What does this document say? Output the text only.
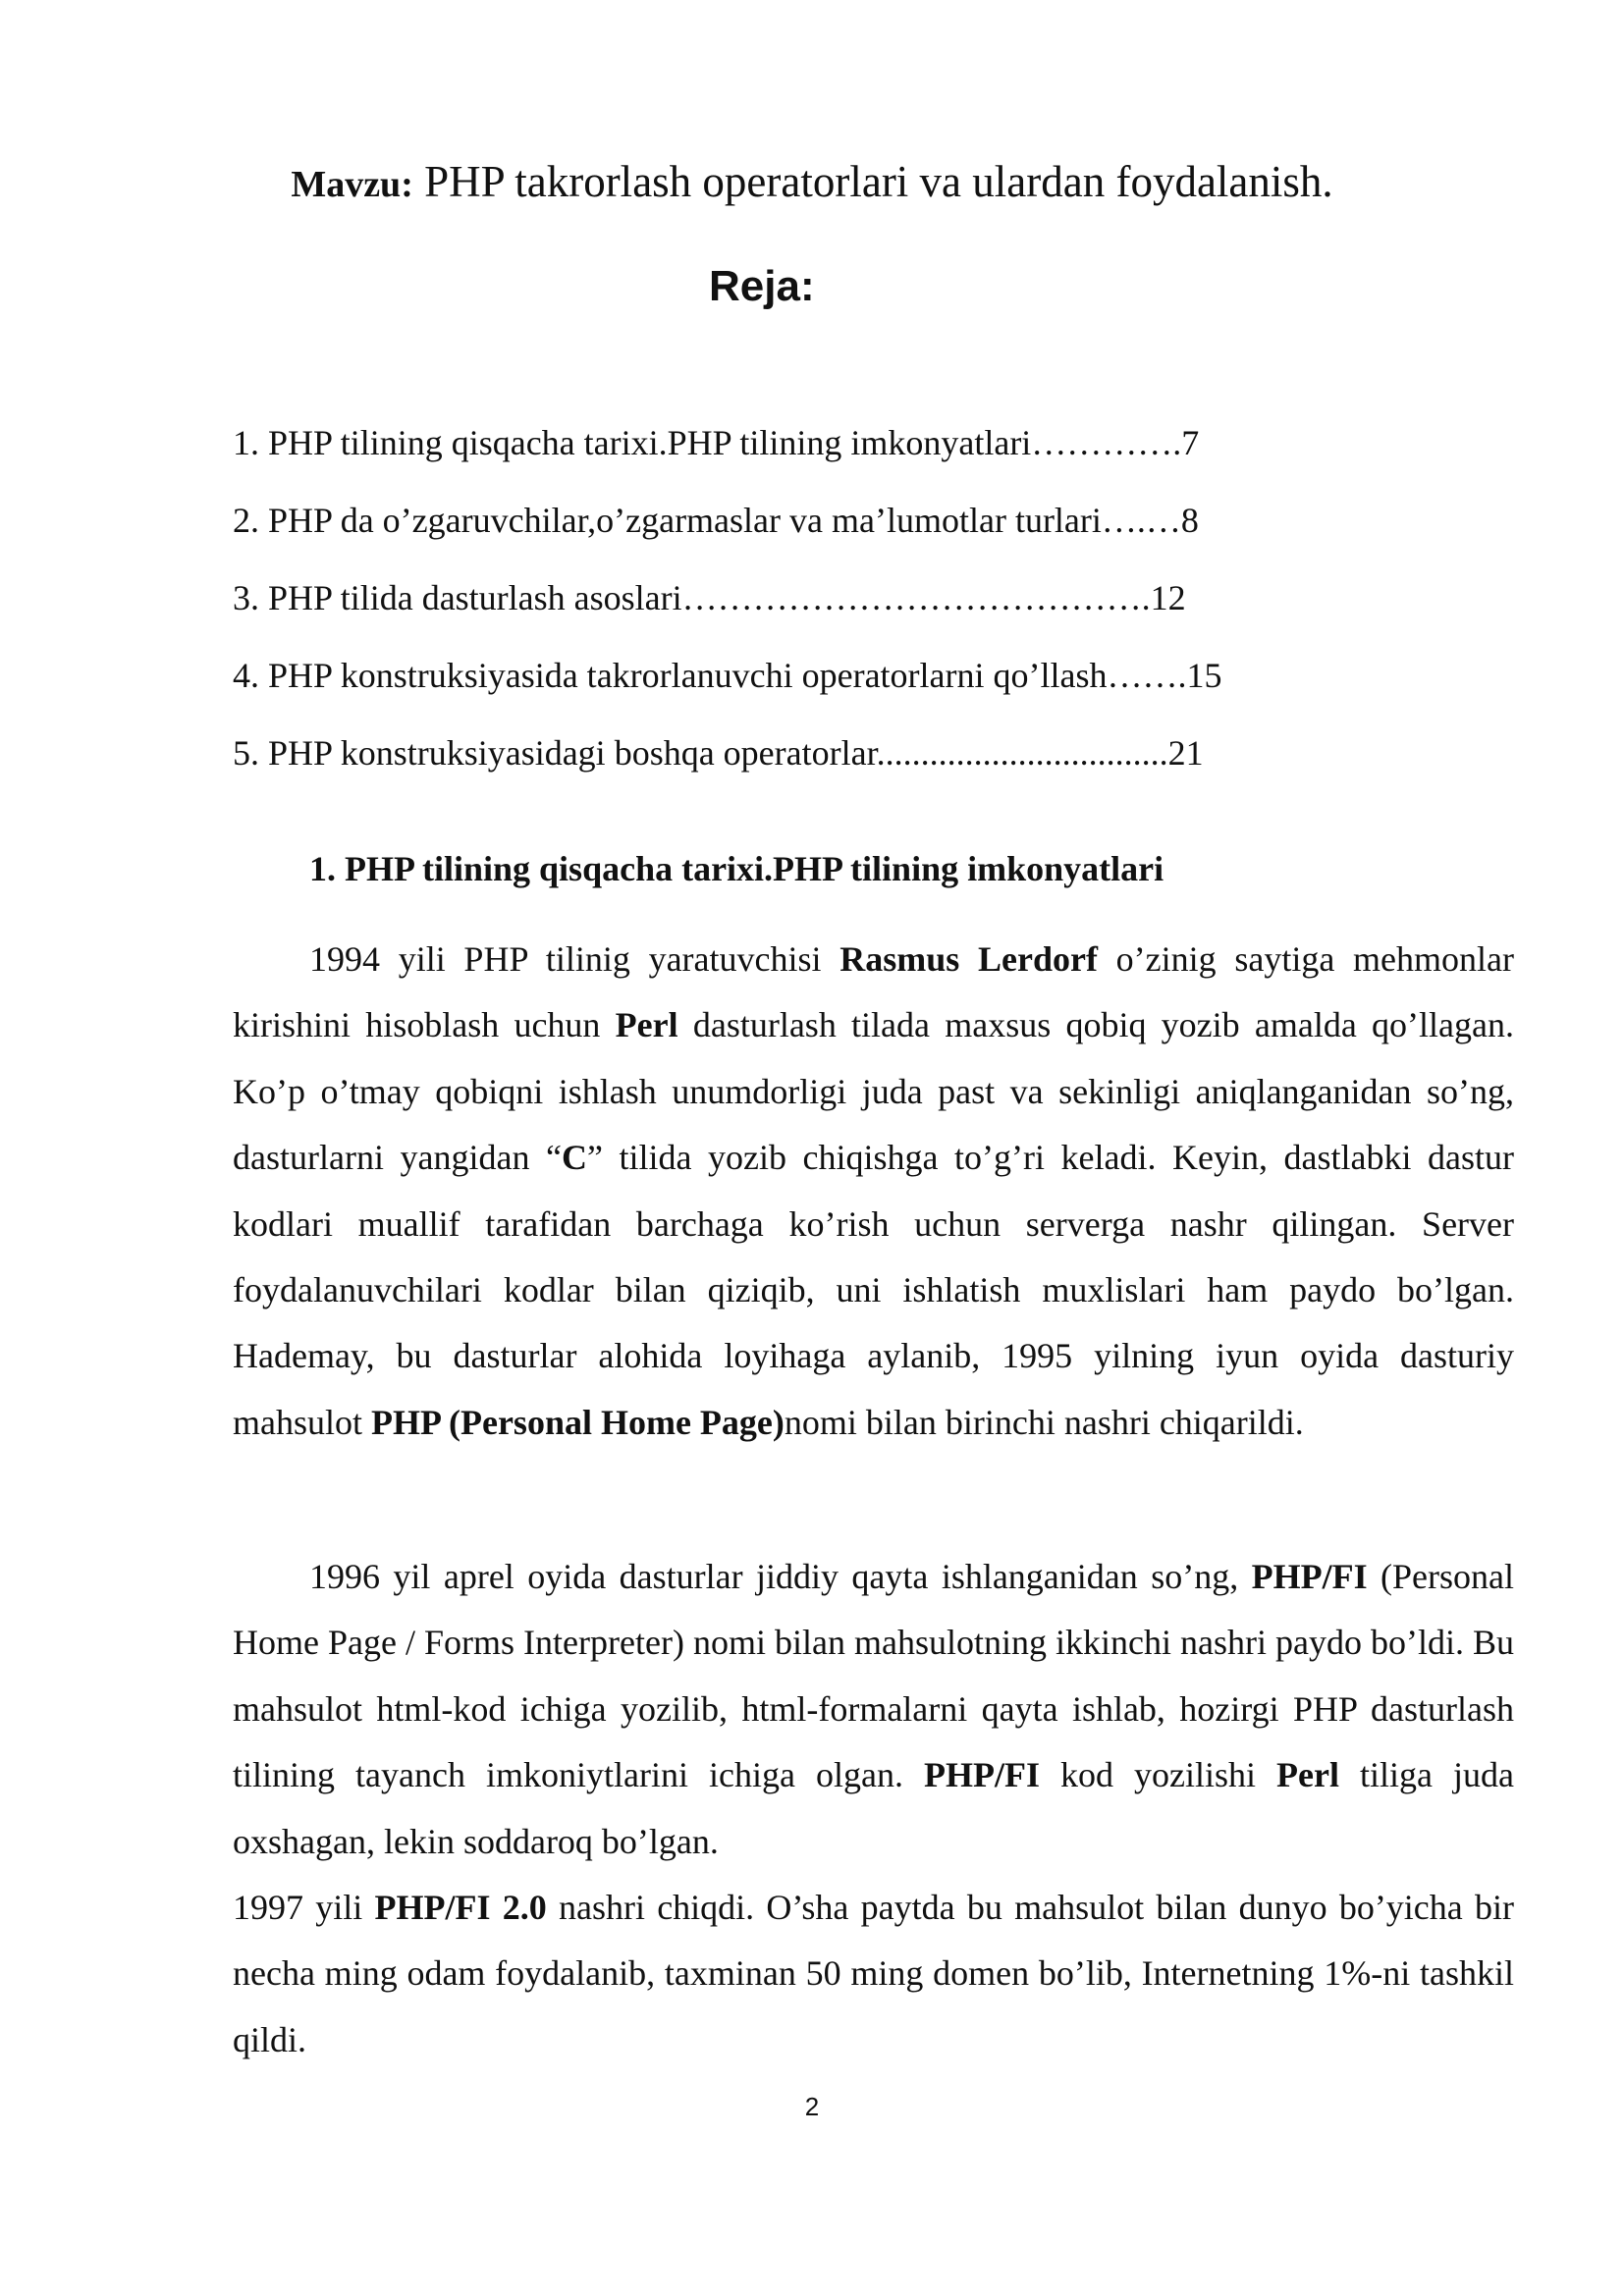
Mavzu: PHP takrorlash operatorlari va ulardan foydalanish.
Reja:
1. PHP tilining qisqacha tarixi.PHP tilining imkonyatlari………….7
2. PHP da o’zgaruvchilar,o’zgarmaslar va ma’lumotlar turlari….…8
3. PHP tilida dasturlash asoslari………………………………….12
4. PHP konstruksiyasida takrorlanuvchi operatorlarni qo’llash…….15
5. PHP konstruksiyasidagi boshqa operatorlar.................................21
1. PHP tilining qisqacha tarixi.PHP tilining imkonyatlari

1994 yili PHP tilinig yaratuvchisi Rasmus Lerdorf o’zinig saytiga mehmonlar kirishini hisoblash uchun Perl dasturlash tilada maxsus qobiq yozib amalda qo’llagan. Ko’p o’tmay qobiqni ishlash unumdorligi juda past va sekinligi aniqlanganidan so’ng, dasturlarni yangidan “C” tilida yozib chiqishga to’g’ri keladi. Keyin, dastlabki dastur kodlari muallif tarafidan barchaga ko’rish uchun serverga nashr qilingan. Server foydalanuvchilari kodlar bilan qiziqib, uni ishlatish muxlislari ham paydo bo’lgan.
Hademay, bu dasturlar alohida loyihaga aylanib, 1995 yilning iyun oyida dasturiy mahsulot PHP (Personal Home Page)nomi bilan birinchi nashri chiqarildi.

1996 yil aprel oyida dasturlar jiddiy qayta ishlanganidan so’ng, PHP/FI (Personal Home Page / Forms Interpreter) nomi bilan mahsulotning ikkinchi nashri paydo bo’ldi. Bu mahsulot html-kod ichiga yozilib, html-formalarni qayta ishlab, hozirgi PHP dasturlash tilining tayanch imkoniytlarini ichiga olgan. PHP/FI kod yozilishi Perl tiliga juda oxshagan, lekin soddaroq bo’lgan.

1997 yili PHP/FI 2.0 nashri chiqdi. O’sha paytda bu mahsulot bilan dunyo bo’yicha bir necha ming odam foydalanib, taxminan 50 ming domen bo’lib, Internetning 1%-ni tashkil qildi.

2
